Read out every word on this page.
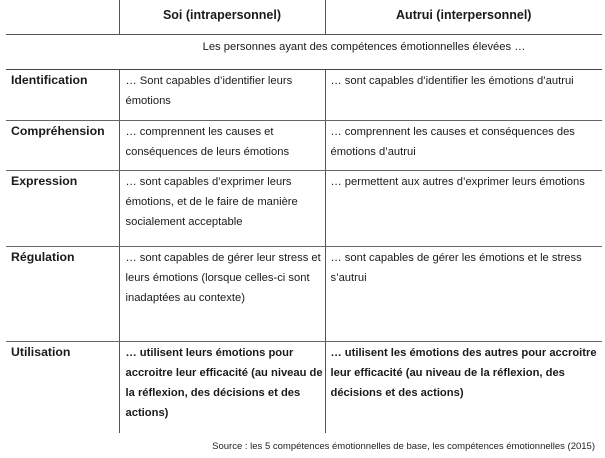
	Soi (intrapersonnel)	Autrui (interpersonnel)
Les personnes ayant des compétences émotionnelles élevées …		
Identification	… Sont capables d’identifier leurs émotions	… sont capables d’identifier les émotions d’autrui
Compréhension	… comprennent les causes et conséquences de leurs émotions	… comprennent les causes et conséquences des émotions d’autrui
Expression	… sont capables d’exprimer leurs émotions, et de le faire de manière socialement acceptable	… permettent aux autres d’exprimer leurs émotions
Régulation	… sont capables de gérer leur stress et leurs émotions (lorsque celles-ci sont inadaptées au contexte)	… sont capables de gérer les émotions et le stress s’autrui
Utilisation	… utilisent leurs émotions pour accroitre leur efficacité (au niveau de la réflexion, des décisions et des actions)	… utilisent les émotions des autres pour accroitre leur efficacité (au niveau de la réflexion, des décisions et des actions)
Source : les 5 compétences émotionnelles de base, les compétences émotionnelles (2015)
